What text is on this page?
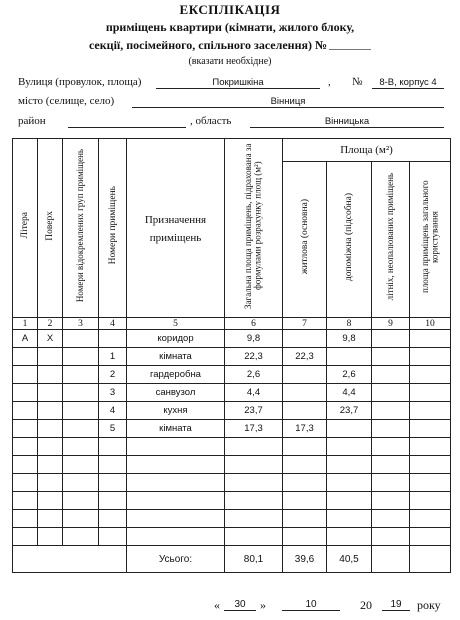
ЕКСПЛІКАЦІЯ
приміщень квартири (кімнати, жилого блоку,
секції, посімейного, спільного заселення) №
(вказати необхідне)
Вулиця (провулок, площа)	Покришкіна	, №	8-В, корпус 4
місто (селище, село)	Вінниця
район	, область	Вінницька
Літера	Поверх	Номери відокремлених груп приміщень	Номери приміщень	Призначення приміщень	Загальна площа приміщень, підрахована за формулами розрахунку площ (м²)	Площа (м²)			
						житлова (основна)	допоміжна (підсобна)	літніх, неопалюваних приміщень	площа приміщень загального користування
1	2	3	4	5	6	7	8	9	10
А	Х			коридор	9,8		9,8		
			1	кімната	22,3	22,3			
			2	гардеробна	2,6		2,6		
			3	санвузол	4,4		4,4		
			4	кухня	23,7		23,7		
			5	кімната	17,3	17,3			

				Усього:	80,1	39,6	40,5		
«	30	»	10	20	19	року
